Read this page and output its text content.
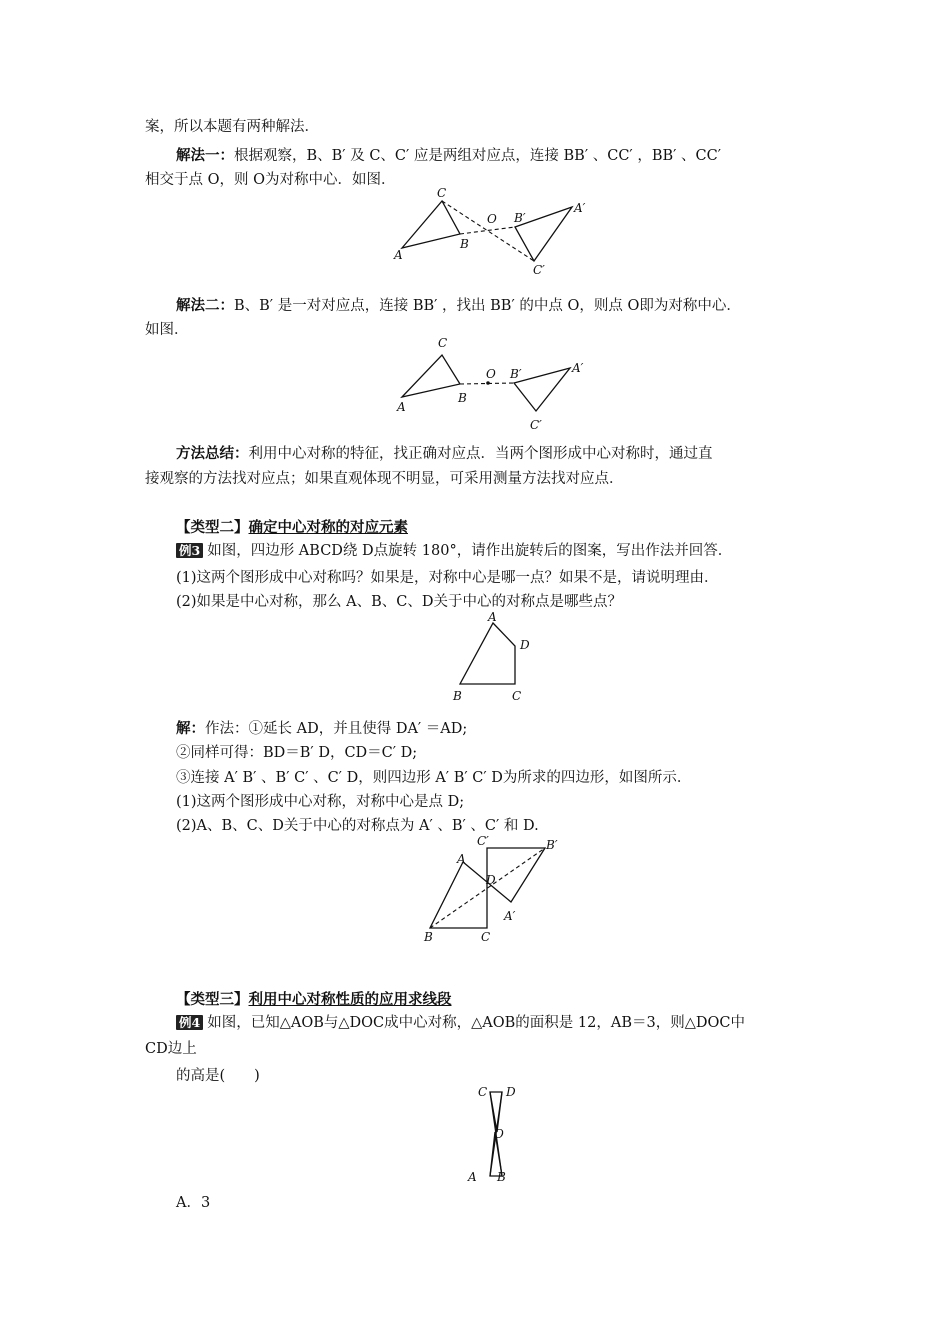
案，所以本题有两种解法．
解法一：根据观察，B、B′ 及 C、C′ 应是两组对应点，连接 BB′ 、CC′ ，BB′ 、CC′
相交于点 O，则 O为对称中心．如图．
C
A
B
O B′
A′
C′
解法二：B、B′ 是一对对应点，连接 BB′ ，找出 BB′ 的中点 O，则点 O即为对称中心．
如图．
C
A
B
O B′	A′
C′
方法总结：利用中心对称的特征，找正确对应点．当两个图形成中心对称时，通过直
接观察的方法找对应点；如果直观体现不明显，可采用测量方法找对应点．
【类型二】确定中心对称的对应元素
例3 如图，四边形 ABCD绕 D点旋转 180°，请作出旋转后的图案，写出作法并回答．
(1)这两个图形成中心对称吗？如果是，对称中心是哪一点？如果不是，请说明理由．
(2)如果是中心对称，那么 A、B、C、D关于中心的对称点是哪些点？
A
D
B	C
解：作法：①延长 AD，并且使得 DA′ ＝AD;
②同样可得：BD＝B′ D，CD＝C′ D;
③连接 A′ B′ 、B′ C′ 、C′ D，则四边形 A′ B′ C′ D为所求的四边形，如图所示．
(1)这两个图形成中心对称，对称中心是点 D;
(2)A、B、C、D关于中心的对称点为 A′ 、B′ 、C′ 和 D.
A
D
B	C
C′	B′
A′
【类型三】利用中心对称性质的应用求线段
例4 如图，已知△AOB与△DOC成中心对称，△AOB的面积是 12，AB＝3，则△DOC中
CD边上
的高是(　　)
C D
O
A B
A．3
